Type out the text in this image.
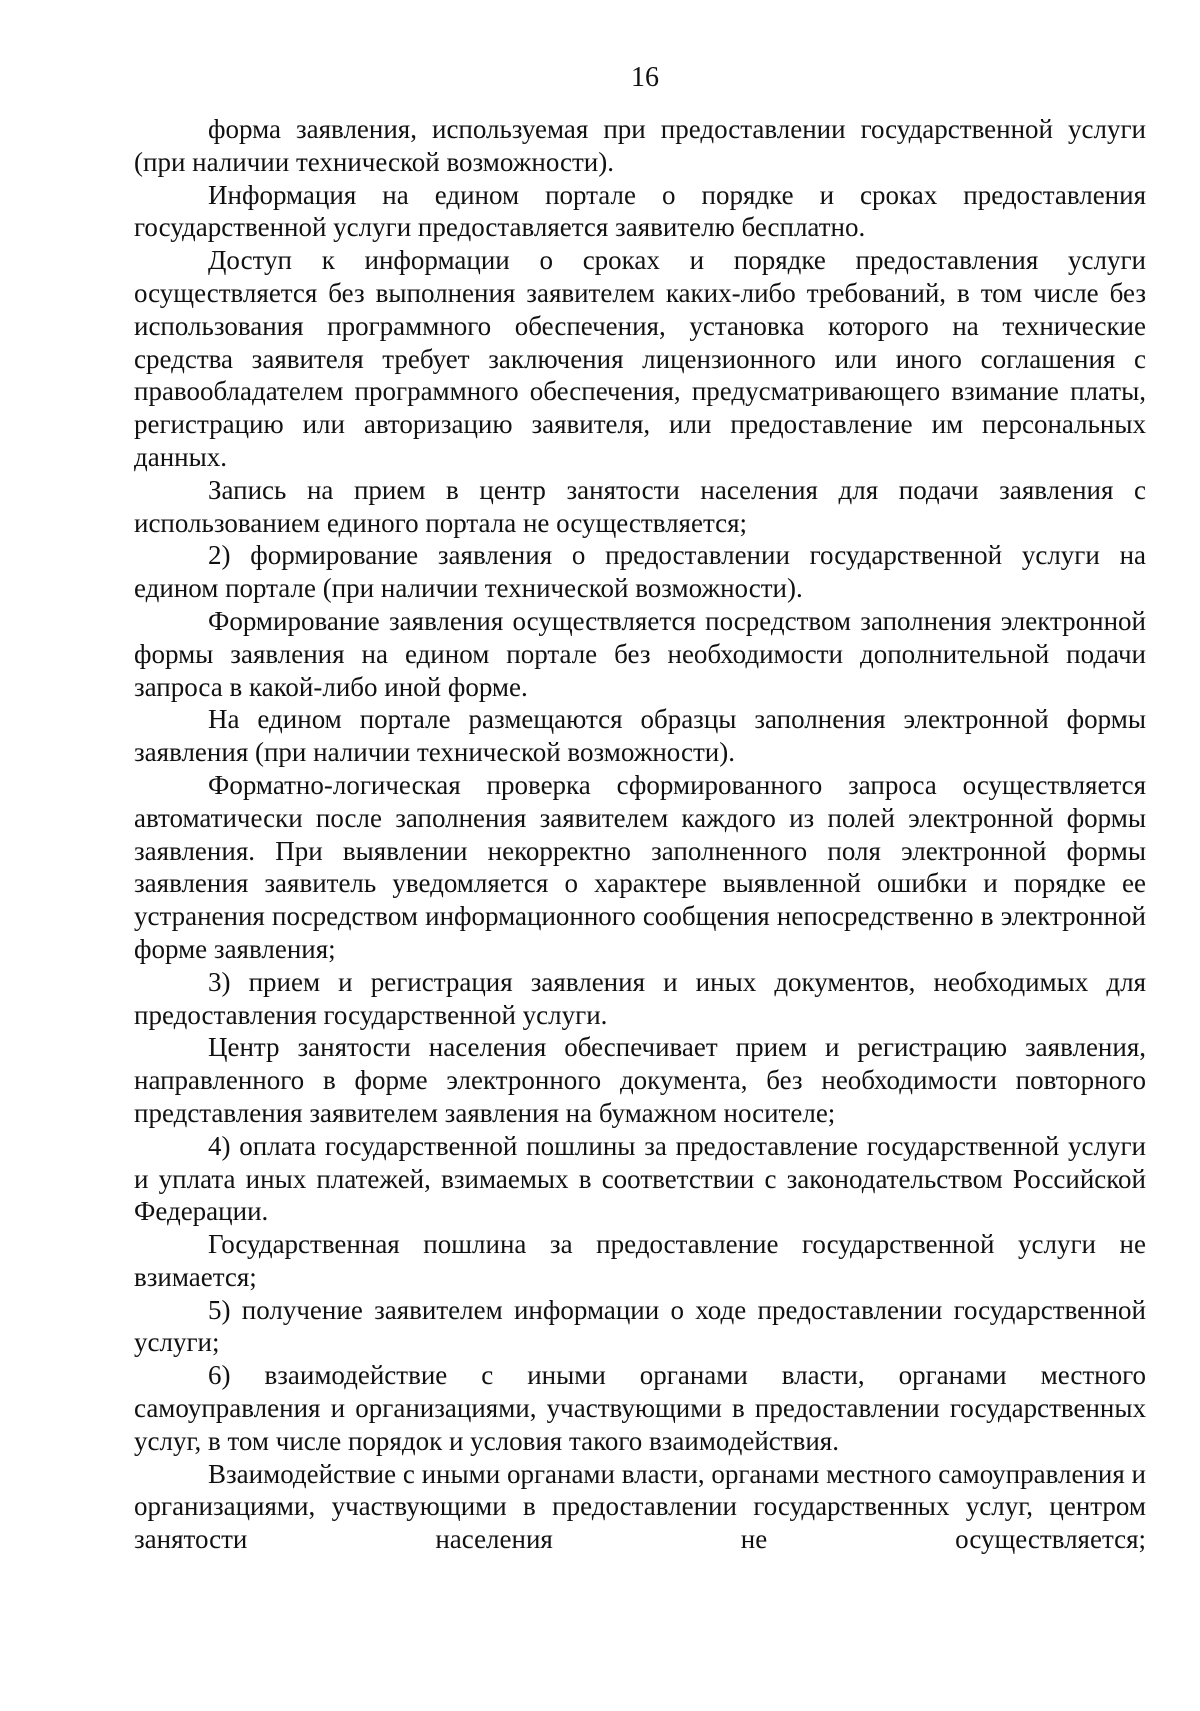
16

форма заявления, используемая при предоставлении государственной услуги (при наличии технической возможности).

Информация на едином портале о порядке и сроках предоставления государственной услуги предоставляется заявителю бесплатно.

Доступ к информации о сроках и порядке предоставления услуги осуществляется без выполнения заявителем каких-либо требований, в том числе без использования программного обеспечения, установка которого на технические средства заявителя требует заключения лицензионного или иного соглашения с правообладателем программного обеспечения, предусматривающего взимание платы, регистрацию или авторизацию заявителя, или предоставление им персональных данных.

Запись на прием в центр занятости населения для подачи заявления с использованием единого портала не осуществляется;

2) формирование заявления о предоставлении государственной услуги на едином портале (при наличии технической возможности).

Формирование заявления осуществляется посредством заполнения электронной формы заявления на едином портале без необходимости дополнительной подачи запроса в какой-либо иной форме.

На едином портале размещаются образцы заполнения электронной формы заявления (при наличии технической возможности).

Форматно-логическая проверка сформированного запроса осуществляется автоматически после заполнения заявителем каждого из полей электронной формы заявления. При выявлении некорректно заполненного поля электронной формы заявления заявитель уведомляется о характере выявленной ошибки и порядке ее устранения посредством информационного сообщения непосредственно в электронной форме заявления;

3) прием и регистрация заявления и иных документов, необходимых для предоставления государственной услуги.

Центр занятости населения обеспечивает прием и регистрацию заявления, направленного в форме электронного документа, без необходимости повторного представления заявителем заявления на бумажном носителе;

4) оплата государственной пошлины за предоставление государственной услуги и уплата иных платежей, взимаемых в соответствии с законодательством Российской Федерации.

Государственная пошлина за предоставление государственной услуги не взимается;

5) получение заявителем информации о ходе предоставлении государственной услуги;

6) взаимодействие с иными органами власти, органами местного самоуправления и организациями, участвующими в предоставлении государственных услуг, в том числе порядок и условия такого взаимодействия.

Взаимодействие с иными органами власти, органами местного самоуправления и организациями, участвующими в предоставлении государственных услуг, центром занятости населения не осуществляется;
